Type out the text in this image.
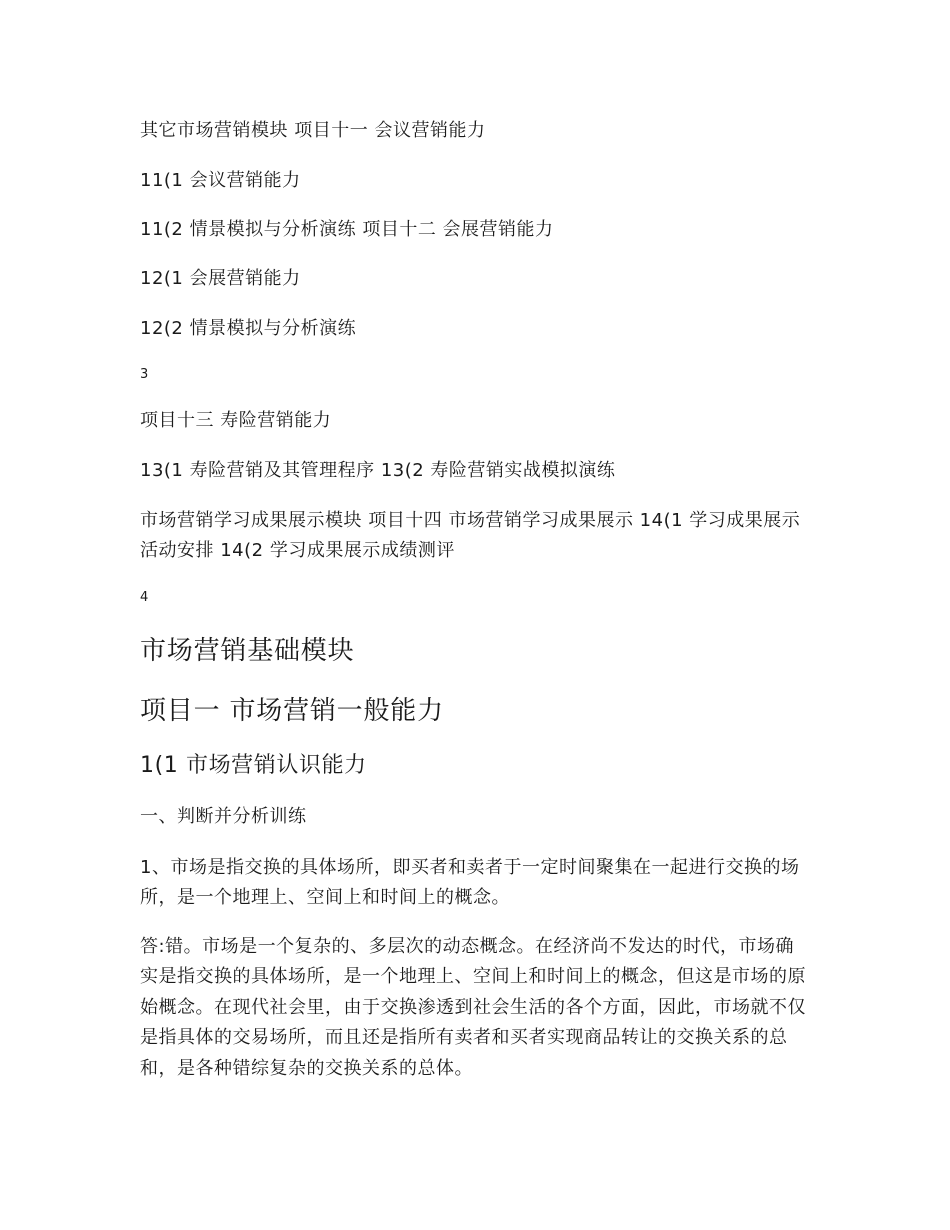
其它市场营销模块 项目十一 会议营销能力

11(1 会议营销能力

11(2 情景模拟与分析演练 项目十二 会展营销能力

12(1 会展营销能力

12(2 情景模拟与分析演练

3

项目十三 寿险营销能力

13(1 寿险营销及其管理程序 13(2 寿险营销实战模拟演练

市场营销学习成果展示模块 项目十四 市场营销学习成果展示 14(1 学习成果展示活动安排 14(2 学习成果展示成绩测评

4

市场营销基础模块
项目一 市场营销一般能力
1(1 市场营销认识能力

一、判断并分析训练

1、市场是指交换的具体场所，即买者和卖者于一定时间聚集在一起进行交换的场所，是一个地理上、空间上和时间上的概念。

答:错。市场是一个复杂的、多层次的动态概念。在经济尚不发达的时代，市场确实是指交换的具体场所，是一个地理上、空间上和时间上的概念，但这是市场的原始概念。在现代社会里，由于交换渗透到社会生活的各个方面，因此，市场就不仅是指具体的交易场所，而且还是指所有卖者和买者实现商品转让的交换关系的总和，是各种错综复杂的交换关系的总体。
